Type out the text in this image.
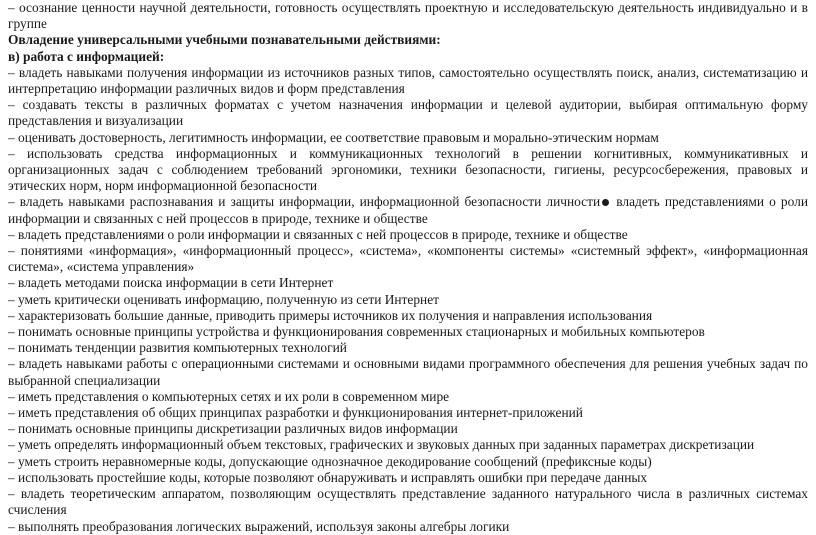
– осознание ценности научной деятельности, готовность осуществлять проектную и исследовательскую деятельность индивидуально и в группе

Овладение универсальными учебными познавательными действиями:

в) работа с информацией:

– владеть навыками получения информации из источников разных типов, самостоятельно осуществлять поиск, анализ, систематизацию и интерпретацию информации различных видов и форм представления

– создавать тексты в различных форматах с учетом назначения информации и целевой аудитории, выбирая оптимальную форму представления и визуализации

– оценивать достоверность, легитимность информации, ее соответствие правовым и морально-этическим нормам

– использовать средства информационных и коммуникационных технологий в решении когнитивных, коммуникативных и организационных задач с соблюдением требований эргономики, техники безопасности, гигиены, ресурсосбережения, правовых и этических норм, норм информационной безопасности

– владеть навыками распознавания и защиты информации, информационной безопасности личности владеть представлениями о роли информации и связанных с ней процессов в природе, технике и обществе

– владеть представлениями о роли информации и связанных с ней процессов в природе, технике и обществе

– понятиями «информация», «информационный процесс», «система», «компоненты системы» «системный эффект», «информационная система», «система управления»

– владеть методами поиска информации в сети Интернет

– уметь критически оценивать информацию, полученную из сети Интернет

– характеризовать большие данные, приводить примеры источников их получения и направления использования

– понимать основные принципы устройства и функционирования современных стационарных и мобильных компьютеров

– понимать тенденции развития компьютерных технологий

– владеть навыками работы с операционными системами и основными видами программного обеспечения для решения учебных задач по выбранной специализации

– иметь представления о компьютерных сетях и их роли в современном мире

– иметь представления об общих принципах разработки и функционирования интернет-приложений

– понимать основные принципы дискретизации различных видов информации

– уметь определять информационный объем текстовых, графических и звуковых данных при заданных параметрах дискретизации

– уметь строить неравномерные коды, допускающие однозначное декодирование сообщений (префиксные коды)

– использовать простейшие коды, которые позволяют обнаруживать и исправлять ошибки при передаче данных

– владеть теоретическим аппаратом, позволяющим осуществлять представление заданного натурального числа в различных системах счисления

– выполнять преобразования логических выражений, используя законы алгебры логики
